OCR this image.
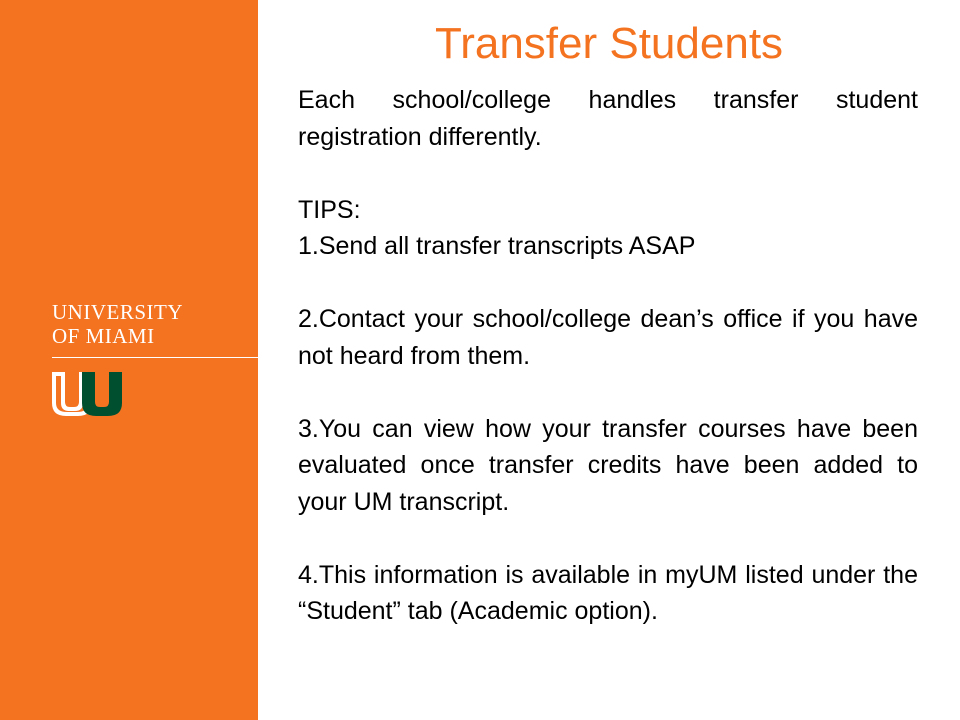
UNIVERSITY
OF MIAMI
Transfer Students

Each school/college handles transfer student registration differently.

TIPS:

1.Send all transfer transcripts ASAP

2.Contact your school/college dean’s office if you have not heard from them.

3.You can view how your transfer courses have been evaluated once transfer credits have been added to your UM transcript.

4.This information is available in myUM listed under the “Student” tab (Academic option).
